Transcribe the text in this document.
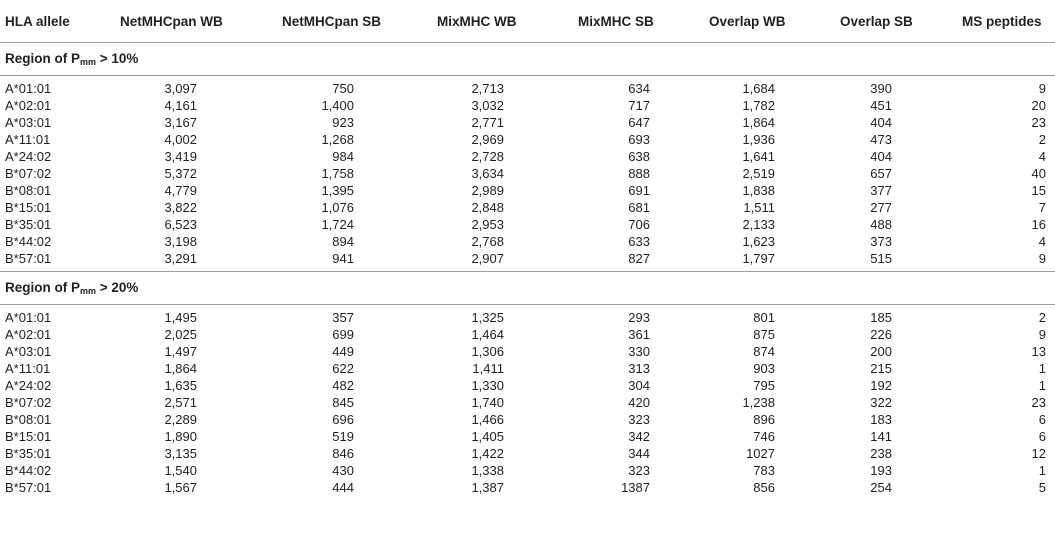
HLA allele	NetMHCpan WB	NetMHCpan SB	MixMHC WB	MixMHC SB	Overlap WB	Overlap SB	MS peptides
Region of $P_{mm} > 10\%$
A*01:01	3,097	750	2,713	634	1,684	390	9
A*02:01	4,161	1,400	3,032	717	1,782	451	20
A*03:01	3,167	923	2,771	647	1,864	404	23
A*11:01	4,002	1,268	2,969	693	1,936	473	2
A*24:02	3,419	984	2,728	638	1,641	404	4
B*07:02	5,372	1,758	3,634	888	2,519	657	40
B*08:01	4,779	1,395	2,989	691	1,838	377	15
B*15:01	3,822	1,076	2,848	681	1,511	277	7
B*35:01	6,523	1,724	2,953	706	2,133	488	16
B*44:02	3,198	894	2,768	633	1,623	373	4
B*57:01	3,291	941	2,907	827	1,797	515	9
Region of $P_{mm} > 20\%$
A*01:01	1,495	357	1,325	293	801	185	2
A*02:01	2,025	699	1,464	361	875	226	9
A*03:01	1,497	449	1,306	330	874	200	13
A*11:01	1,864	622	1,411	313	903	215	1
A*24:02	1,635	482	1,330	304	795	192	1
B*07:02	2,571	845	1,740	420	1,238	322	23
B*08:01	2,289	696	1,466	323	896	183	6
B*15:01	1,890	519	1,405	342	746	141	6
B*35:01	3,135	846	1,422	344	1027	238	12
B*44:02	1,540	430	1,338	323	783	193	1
B*57:01	1,567	444	1,387	1387	856	254	5
